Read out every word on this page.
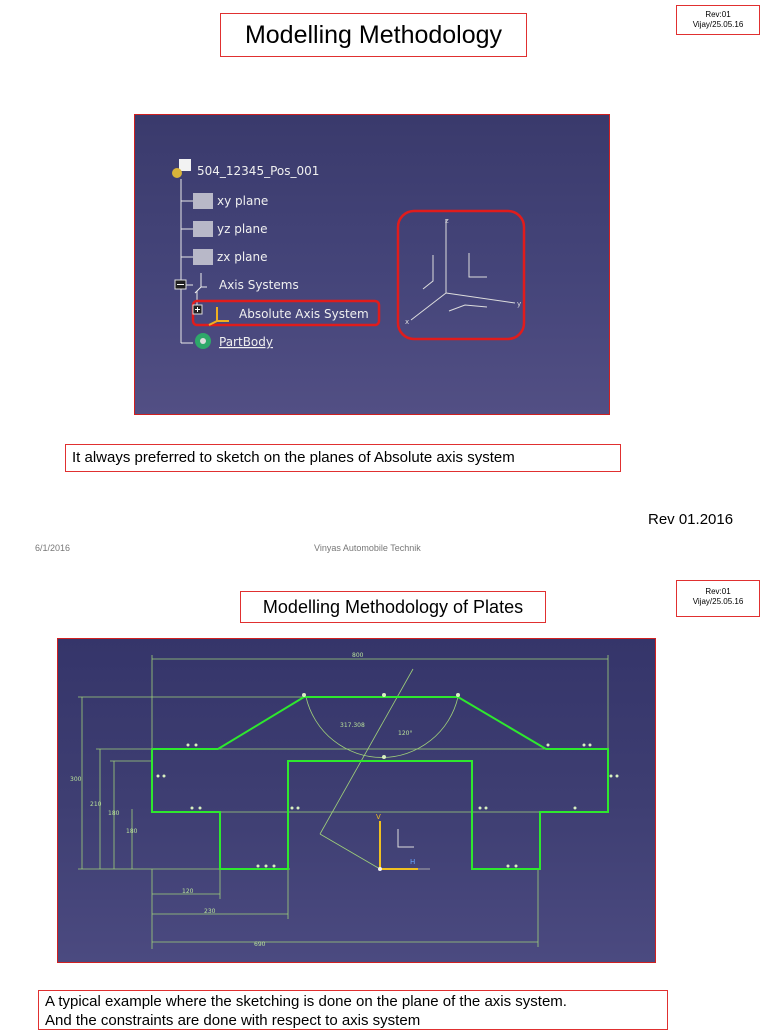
Modelling Methodology
Rev:01
Vijay/25.05.16
504_12345_Pos_001
xy plane
yz plane
zx plane
Axis Systems
Absolute Axis System
PartBody
z
y
x
It always preferred to sketch on the planes of Absolute axis system
Rev 01.2016
6/1/2016	Vinyas Automobile Technik
Modelling Methodology of Plates
Rev:01
Vijay/25.05.16
800
317.308
120°
300
210
180
180
120
230
690
V
H
A typical example where the sketching is done on the plane of the axis system.
And the constraints are done with respect to axis system
